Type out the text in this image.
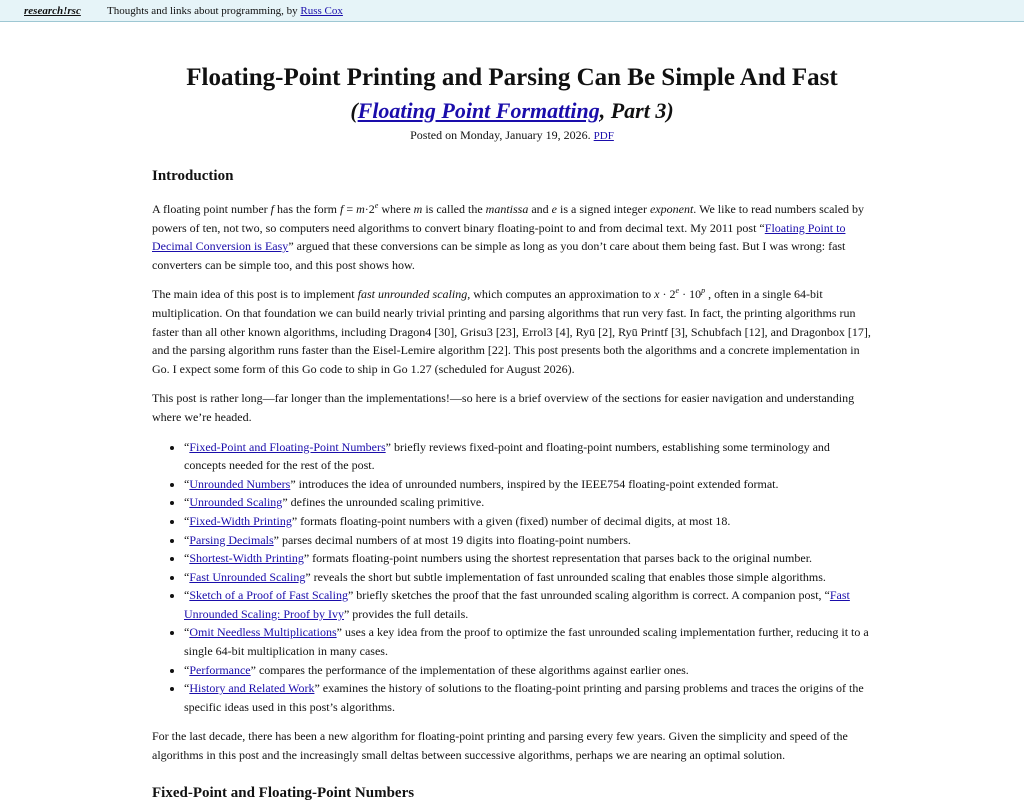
research!rsc	Thoughts and links about programming, by Russ Cox
Floating-Point Printing and Parsing Can Be Simple And Fast
(Floating Point Formatting, Part 3)
Posted on Monday, January 19, 2026. PDF
Introduction

A floating point number f has the form $f = m\cdot 2^e$ where m is called the mantissa and e is a signed integer exponent. We like to read numbers scaled by powers of ten, not two, so computers need algorithms to convert binary floating-point to and from decimal text. My 2011 post “Floating Point to Decimal Conversion is Easy” argued that these conversions can be simple as long as you don’t care about them being fast. But I was wrong: fast converters can be simple too, and this post shows how.

The main idea of this post is to implement fast unrounded scaling, which computes an approximation to $x \cdot 2^e \cdot 10^p$ , often in a single 64-bit multiplication. On that foundation we can build nearly trivial printing and parsing algorithms that run very fast. In fact, the printing algorithms run faster than all other known algorithms, including Dragon4 [30], Grisu3 [23], Errol3 [4], Ryū [2], Ryū Printf [3], Schubfach [12], and Dragonbox [17], and the parsing algorithm runs faster than the Eisel-Lemire algorithm [22]. This post presents both the algorithms and a concrete implementation in Go. I expect some form of this Go code to ship in Go 1.27 (scheduled for August 2026).

This post is rather long—far longer than the implementations!—so here is a brief overview of the sections for easier navigation and understanding where we’re headed.

• “Fixed-Point and Floating-Point Numbers” briefly reviews fixed-point and floating-point numbers, establishing some terminology and concepts needed for the rest of the post.
• “Unrounded Numbers” introduces the idea of unrounded numbers, inspired by the IEEE754 floating-point extended format.
• “Unrounded Scaling” defines the unrounded scaling primitive.
• “Fixed-Width Printing” formats floating-point numbers with a given (fixed) number of decimal digits, at most 18.
• “Parsing Decimals” parses decimal numbers of at most 19 digits into floating-point numbers.
• “Shortest-Width Printing” formats floating-point numbers using the shortest representation that parses back to the original number.
• “Fast Unrounded Scaling” reveals the short but subtle implementation of fast unrounded scaling that enables those simple algorithms.
• “Sketch of a Proof of Fast Scaling” briefly sketches the proof that the fast unrounded scaling algorithm is correct. A companion post, “Fast Unrounded Scaling: Proof by Ivy” provides the full details.
• “Omit Needless Multiplications” uses a key idea from the proof to optimize the fast unrounded scaling implementation further, reducing it to a single 64-bit multiplication in many cases.
• “Performance” compares the performance of the implementation of these algorithms against earlier ones.
• “History and Related Work” examines the history of solutions to the floating-point printing and parsing problems and traces the origins of the specific ideas used in this post’s algorithms.

For the last decade, there has been a new algorithm for floating-point printing and parsing every few years. Given the simplicity and speed of the algorithms in this post and the increasingly small deltas between successive algorithms, perhaps we are nearing an optimal solution.

Fixed-Point and Floating-Point Numbers
